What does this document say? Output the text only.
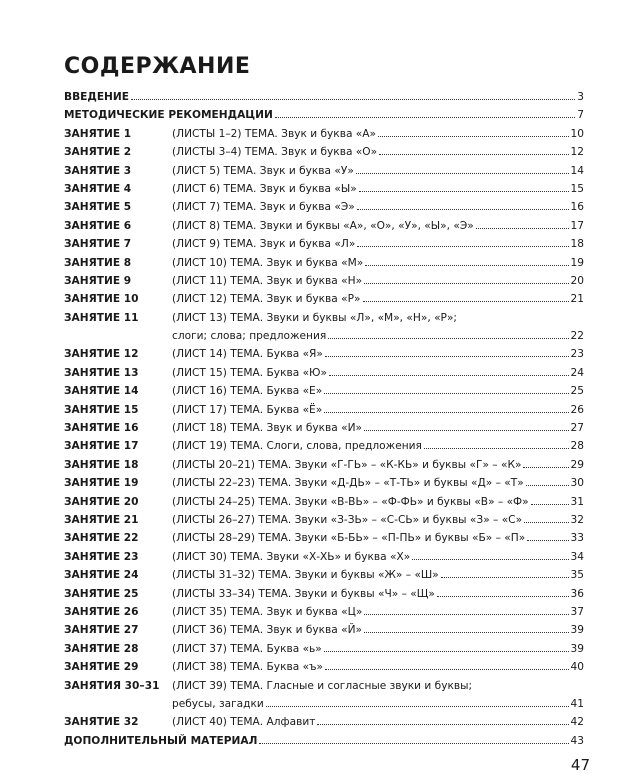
СОДЕРЖАНИЕ
ВВЕДЕНИЕ	3
МЕТОДИЧЕСКИЕ РЕКОМЕНДАЦИИ	7
ЗАНЯТИЕ 1	(ЛИСТЫ 1–2) ТЕМА. Звук и буква «А»	10
ЗАНЯТИЕ 2	(ЛИСТЫ 3–4) ТЕМА. Звук и буква «О»	12
ЗАНЯТИЕ 3	(ЛИСТ 5) ТЕМА. Звук и буква «У»	14
ЗАНЯТИЕ 4	(ЛИСТ 6) ТЕМА. Звук и буква «Ы»	15
ЗАНЯТИЕ 5	(ЛИСТ 7) ТЕМА. Звук и буква «Э»	16
ЗАНЯТИЕ 6	(ЛИСТ 8) ТЕМА. Звуки и буквы «А», «О», «У», «Ы», «Э»	17
ЗАНЯТИЕ 7	(ЛИСТ 9) ТЕМА. Звук и буква «Л»	18
ЗАНЯТИЕ 8	(ЛИСТ 10) ТЕМА. Звук и буква «М»	19
ЗАНЯТИЕ 9	(ЛИСТ 11) ТЕМА. Звук и буква «Н»	20
ЗАНЯТИЕ 10	(ЛИСТ 12) ТЕМА. Звук и буква «Р»	21
ЗАНЯТИЕ 11	(ЛИСТ 13) ТЕМА. Звуки и буквы «Л», «М», «Н», «Р»;
слоги; слова; предложения	22
ЗАНЯТИЕ 12	(ЛИСТ 14) ТЕМА. Буква «Я»	23
ЗАНЯТИЕ 13	(ЛИСТ 15) ТЕМА. Буква «Ю»	24
ЗАНЯТИЕ 14	(ЛИСТ 16) ТЕМА. Буква «Е»	25
ЗАНЯТИЕ 15	(ЛИСТ 17) ТЕМА. Буква «Ё»	26
ЗАНЯТИЕ 16	(ЛИСТ 18) ТЕМА. Звук и буква «И»	27
ЗАНЯТИЕ 17	(ЛИСТ 19) ТЕМА. Слоги, слова, предложения	28
ЗАНЯТИЕ 18	(ЛИСТЫ 20–21) ТЕМА. Звуки «Г-ГЬ» – «К-КЬ» и буквы «Г» – «К»	29
ЗАНЯТИЕ 19	(ЛИСТЫ 22–23) ТЕМА. Звуки «Д-ДЬ» – «Т-ТЬ» и буквы «Д» – «Т»	30
ЗАНЯТИЕ 20	(ЛИСТЫ 24–25) ТЕМА. Звуки «В-ВЬ» – «Ф-ФЬ» и буквы «В» – «Ф»	31
ЗАНЯТИЕ 21	(ЛИСТЫ 26–27) ТЕМА. Звуки «З-ЗЬ» – «С-СЬ» и буквы «З» – «С»	32
ЗАНЯТИЕ 22	(ЛИСТЫ 28–29) ТЕМА. Звуки «Б-БЬ» – «П-ПЬ» и буквы «Б» – «П»	33
ЗАНЯТИЕ 23	(ЛИСТ 30) ТЕМА. Звуки «Х-ХЬ» и буква «Х»	34
ЗАНЯТИЕ 24	(ЛИСТЫ 31–32) ТЕМА. Звуки и буквы «Ж» – «Ш»	35
ЗАНЯТИЕ 25	(ЛИСТЫ 33–34) ТЕМА. Звуки и буквы «Ч» – «Щ»	36
ЗАНЯТИЕ 26	(ЛИСТ 35) ТЕМА. Звук и буква «Ц»	37
ЗАНЯТИЕ 27	(ЛИСТ 36) ТЕМА. Звук и буква «Й»	39
ЗАНЯТИЕ 28	(ЛИСТ 37) ТЕМА. Буква «ь»	39
ЗАНЯТИЕ 29	(ЛИСТ 38) ТЕМА. Буква «ъ»	40
ЗАНЯТИЯ 30–31	(ЛИСТ 39) ТЕМА. Гласные и согласные звуки и буквы;
ребусы, загадки	41
ЗАНЯТИЕ 32	(ЛИСТ 40) ТЕМА. Алфавит	42
ДОПОЛНИТЕЛЬНЫЙ МАТЕРИАЛ	43
47
